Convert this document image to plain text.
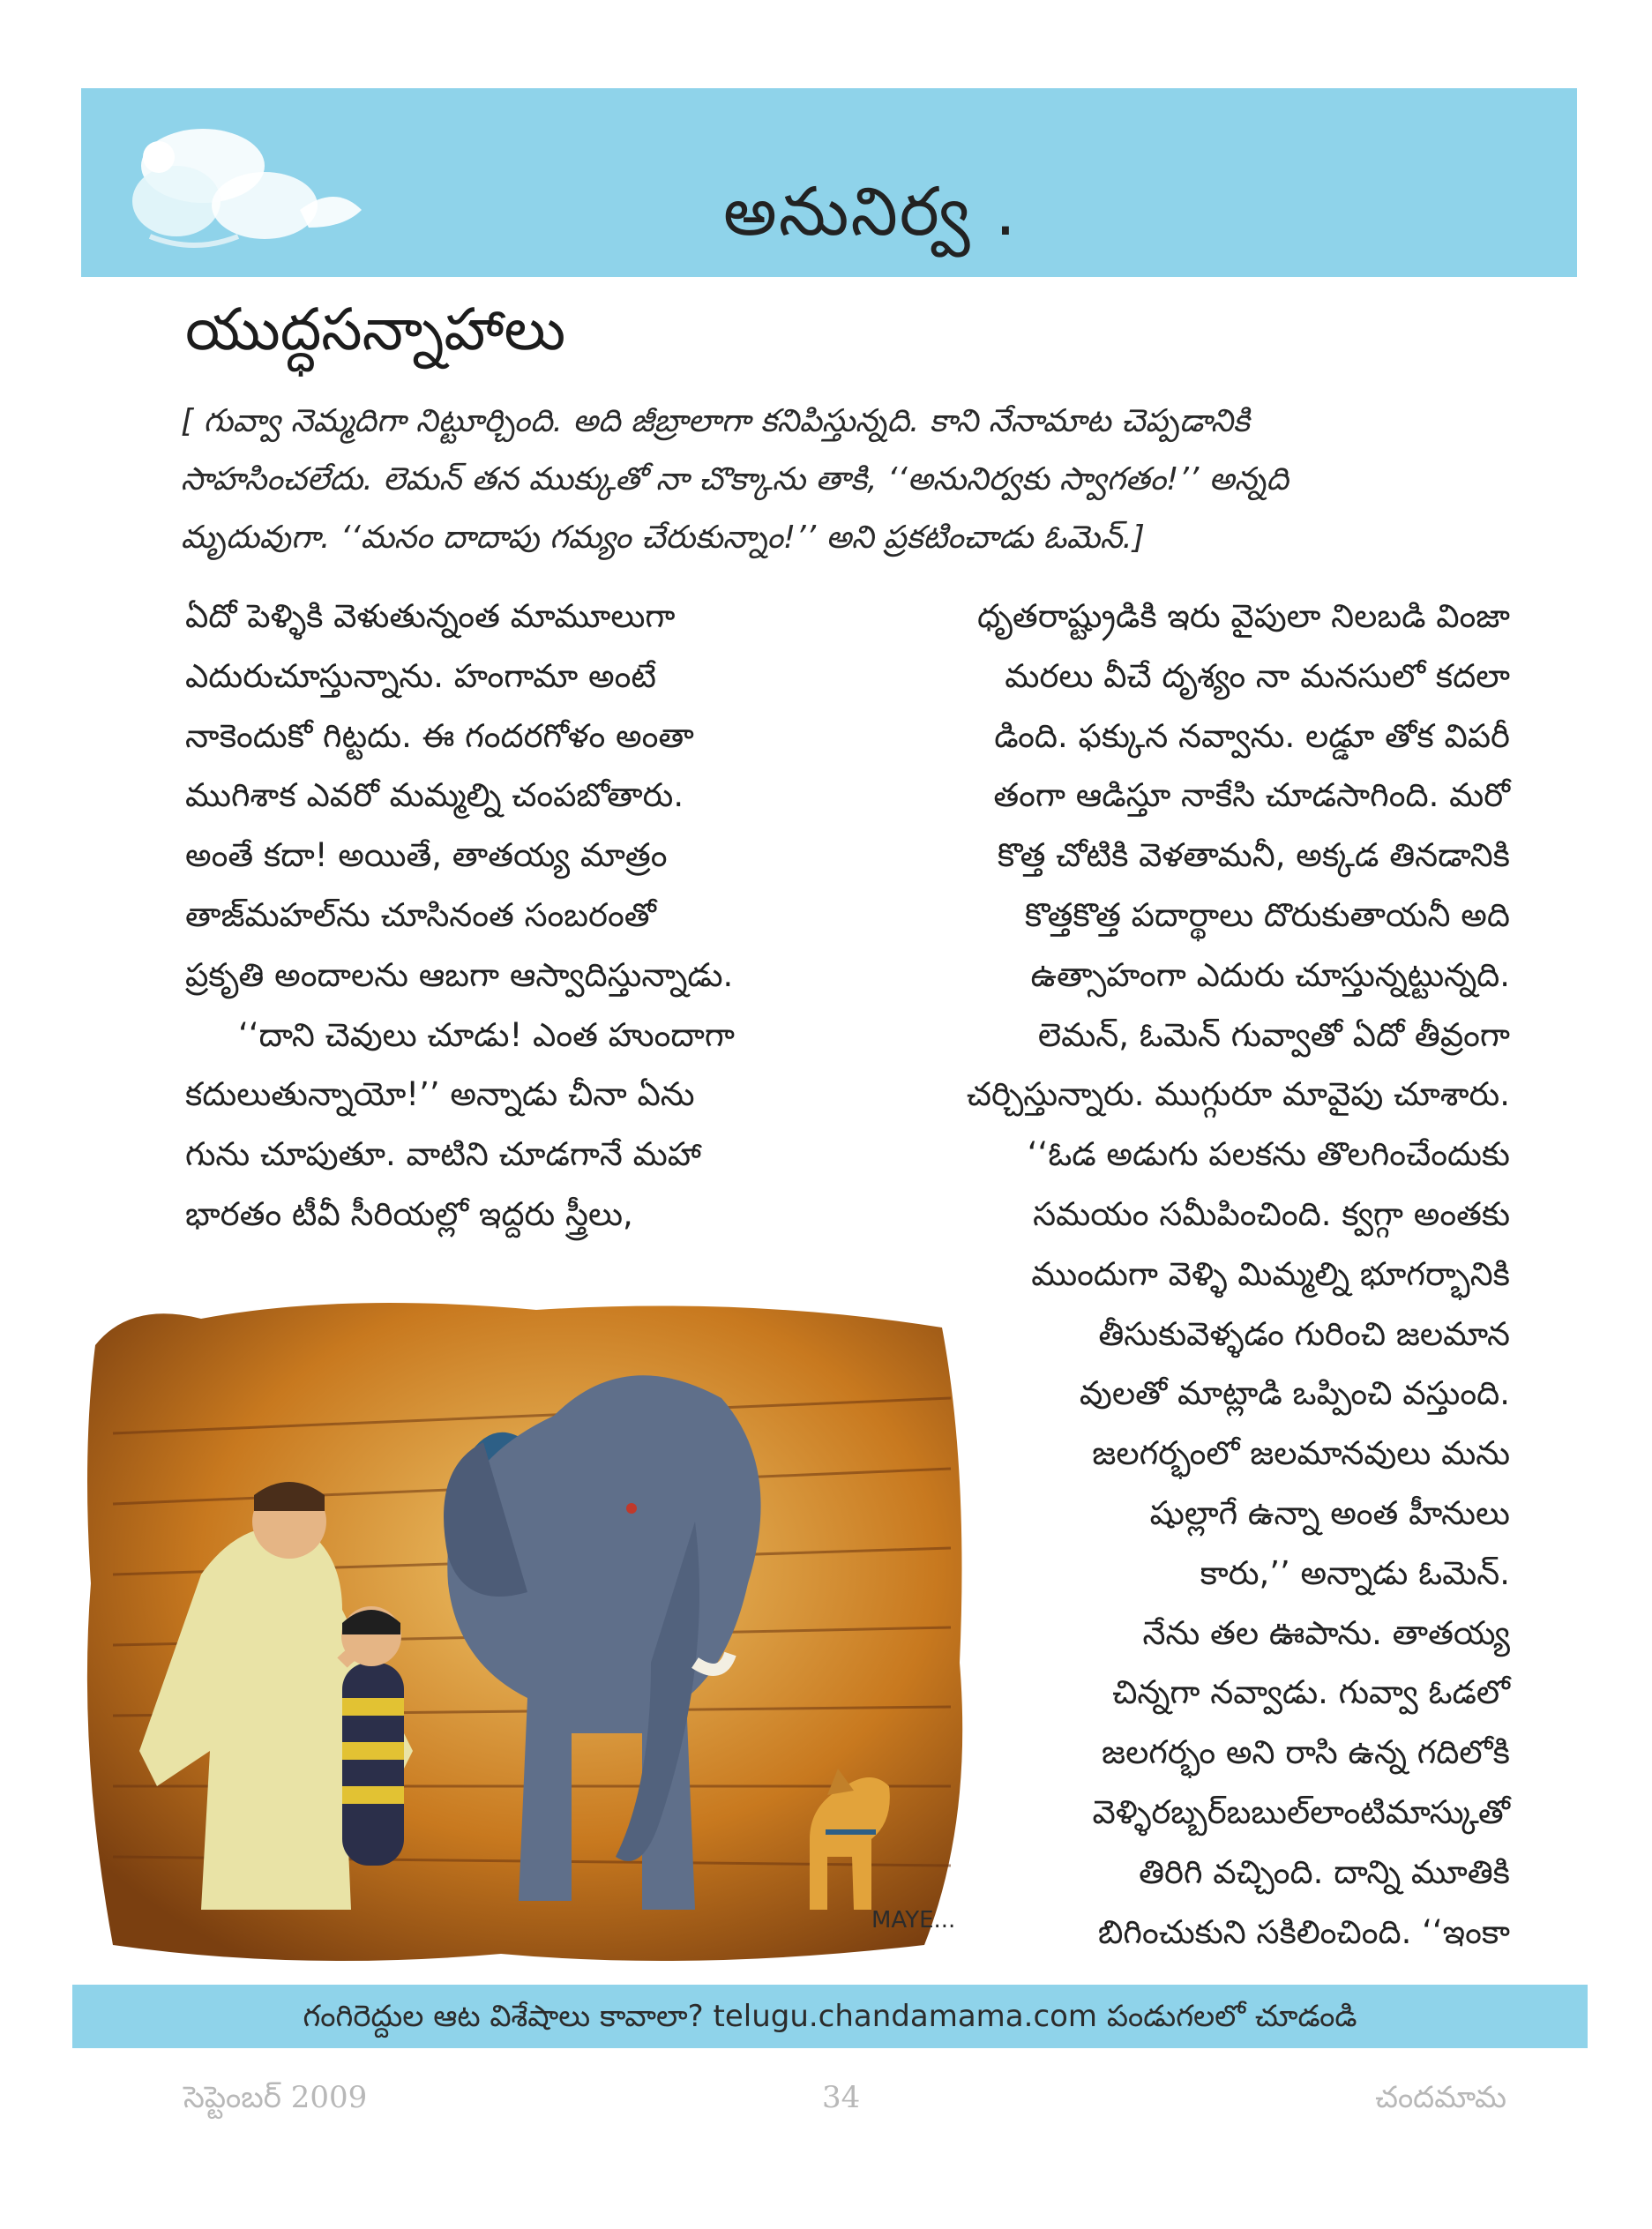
అనునిర్వ .
యుద్ధసన్నాహాలు

[ గువ్వా నెమ్మదిగా నిట్టూర్చింది. అది జీబ్రాలాగా కనిపిస్తున్నది. కాని నేనామాట చెప్పడానికి

సాహసించలేదు. లెమన్ తన ముక్కుతో నా చొక్కాను తాకి, ‘‘అనునిర్వకు స్వాగతం!’’ అన్నది

మృదువుగా. ‘‘మనం దాదాపు గమ్యం చేరుకున్నాం!’’ అని ప్రకటించాడు ఓమెన్.]

ఏదో పెళ్ళికి వెళుతున్నంత మామూలుగా

ఎదురుచూస్తున్నాను. హంగామా అంటే

నాకెందుకో గిట్టదు. ఈ గందరగోళం అంతా

ముగిశాక ఎవరో మమ్మల్ని చంపబోతారు.

అంతే కదా! అయితే, తాతయ్య మాత్రం

తాజ్‌మహల్‌ను చూసినంత సంబరంతో

ప్రకృతి అందాలను ఆబగా ఆస్వాదిస్తున్నాడు.

‘‘దాని చెవులు చూడు! ఎంత హుందాగా

కదులుతున్నాయో!’’ అన్నాడు చీనా ఏను

గును చూపుతూ. వాటిని చూడగానే మహా

భారతం టీవీ సీరియల్లో ఇద్దరు స్త్రీలు,

ధృతరాష్ట్రుడికి ఇరు వైపులా నిలబడి వింజా

మరలు వీచే దృశ్యం నా మనసులో కదలా

డింది. ఫక్కున నవ్వాను. లడ్డూ తోక విపరీ

తంగా ఆడిస్తూ నాకేసి చూడసాగింది. మరో

కొత్త చోటికి వెళతామనీ, అక్కడ తినడానికి

కొత్తకొత్త పదార్థాలు దొరుకుతాయనీ అది

ఉత్సాహంగా ఎదురు చూస్తున్నట్టున్నది.

లెమన్, ఓమెన్ గువ్వాతో ఏదో తీవ్రంగా

చర్చిస్తున్నారు. ముగ్గురూ మావైపు చూశారు.

‘‘ఓడ అడుగు పలకను తొలగించేందుకు

సమయం సమీపించింది. క్వగ్గా అంతకు

ముందుగా వెళ్ళి మిమ్మల్ని భూగర్భానికి

తీసుకువెళ్ళడం గురించి జలమాన

వులతో మాట్లాడి ఒప్పించి వస్తుంది.

జలగర్భంలో జలమానవులు మను

షుల్లాగే ఉన్నా అంత హీనులు

కారు,’’ అన్నాడు ఓమెన్.

నేను తల ఊపాను. తాతయ్య

చిన్నగా నవ్వాడు. గువ్వా ఓడలో

జలగర్భం అని రాసి ఉన్న గదిలోకి

వెళ్ళిరబ్బర్‌బబుల్‌లాంటిమాస్కుతో

తిరిగి వచ్చింది. దాన్ని మూతికి

బిగించుకుని సకిలించింది. ‘‘ఇంకా

MAYE...
గంగిరెద్దుల ఆట విశేషాలు కావాలా? telugu.chandamama.com పండుగలలో చూడండి
సెప్టెంబర్ 2009	34	చందమామ
